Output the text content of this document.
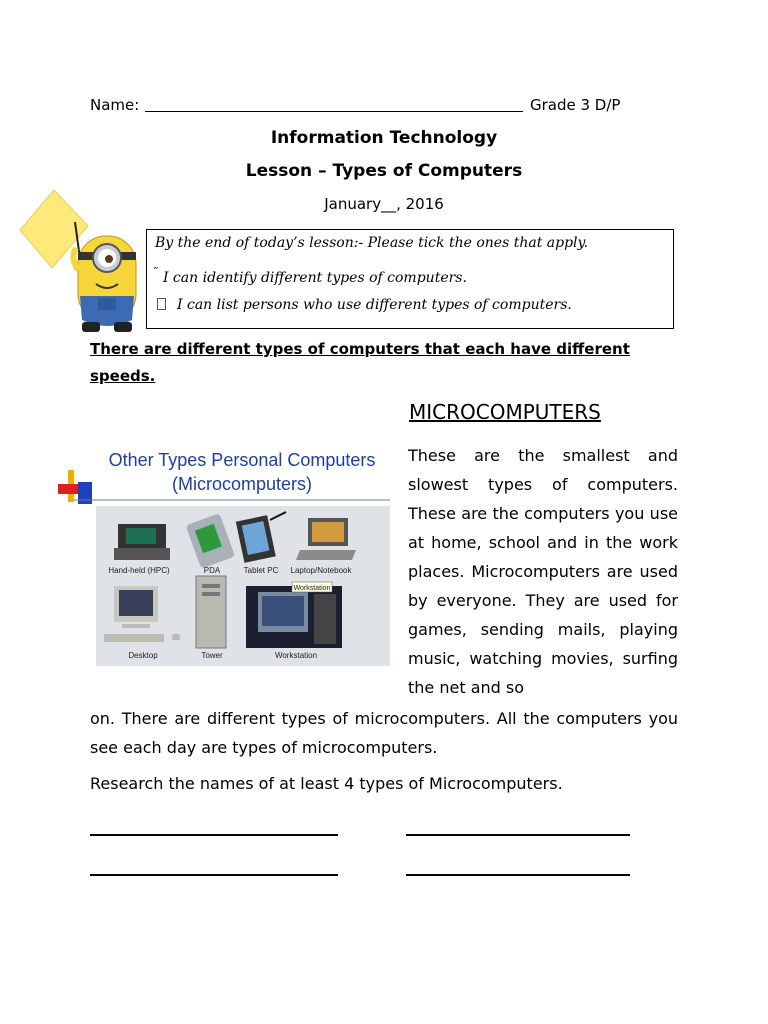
Name:	Grade 3 D/P
Information Technology
Lesson – Types of Computers
January__, 2016
By the end of today’s lesson:- Please tick the ones that apply.
˜ I can identify different types of computers.
I can list persons who use different types of computers.
There are different types of computers that each have different speeds.
MICROCOMPUTERS
Other Types Personal Computers
(Microcomputers)
Hand-held (HPC)	PDA	Tablet PC Laptop/Notebook
Workstation
Desktop	Tower	Workstation
These are the smallest and slowest types of computers. These are the computers you use at home, school and in the work places. Microcomputers are used by everyone. They are used for games, sending mails, playing music, watching movies, surfing the net and so
on. There are different types of microcomputers. All the computers you see each day are types of microcomputers.
Research the names of at least 4 types of Microcomputers.
